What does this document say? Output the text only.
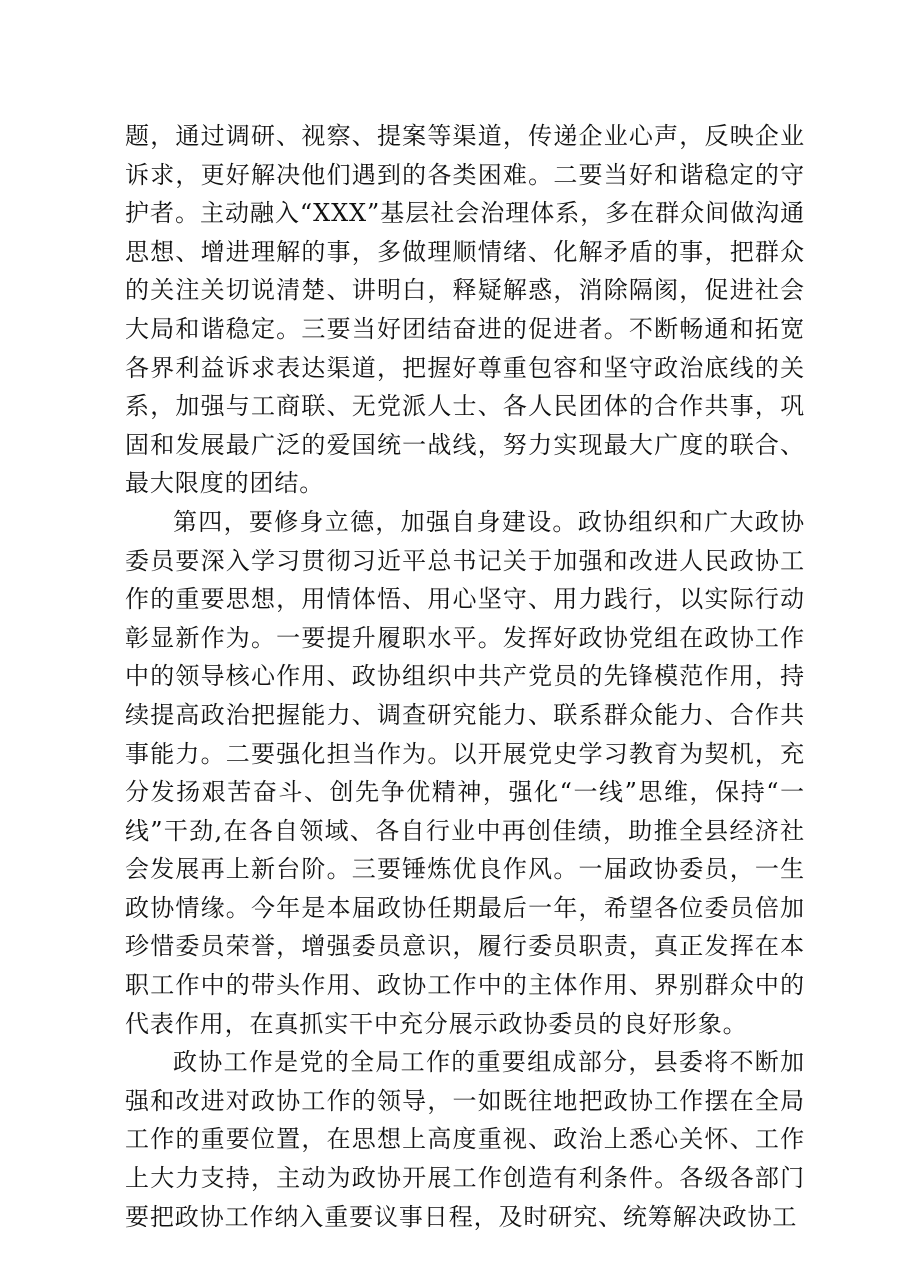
题，通过调研、视察、提案等渠道，传递企业心声，反映企业诉求，更好解决他们遇到的各类困难。二要当好和谐稳定的守护者。主动融入“XXX”基层社会治理体系，多在群众间做沟通思想、增进理解的事，多做理顺情绪、化解矛盾的事，把群众的关注关切说清楚、讲明白，释疑解惑，消除隔阂，促进社会大局和谐稳定。三要当好团结奋进的促进者。不断畅通和拓宽各界利益诉求表达渠道，把握好尊重包容和坚守政治底线的关系，加强与工商联、无党派人士、各人民团体的合作共事，巩固和发展最广泛的爱国统一战线，努力实现最大广度的联合、最大限度的团结。

第四，要修身立德，加强自身建设。政协组织和广大政协委员要深入学习贯彻习近平总书记关于加强和改进人民政协工作的重要思想，用情体悟、用心坚守、用力践行，以实际行动彰显新作为。一要提升履职水平。发挥好政协党组在政协工作中的领导核心作用、政协组织中共产党员的先锋模范作用，持续提高政治把握能力、调查研究能力、联系群众能力、合作共事能力。二要强化担当作为。以开展党史学习教育为契机，充分发扬艰苦奋斗、创先争优精神，强化“一线”思维，保持“一线”干劲,在各自领域、各自行业中再创佳绩，助推全县经济社会发展再上新台阶。三要锤炼优良作风。一届政协委员，一生政协情缘。今年是本届政协任期最后一年，希望各位委员倍加珍惜委员荣誉，增强委员意识，履行委员职责，真正发挥在本职工作中的带头作用、政协工作中的主体作用、界别群众中的代表作用，在真抓实干中充分展示政协委员的良好形象。

政协工作是党的全局工作的重要组成部分，县委将不断加强和改进对政协工作的领导，一如既往地把政协工作摆在全局工作的重要位置，在思想上高度重视、政治上悉心关怀、工作上大力支持，主动为政协开展工作创造有利条件。各级各部门要把政协工作纳入重要议事日程，及时研究、统筹解决政协工
